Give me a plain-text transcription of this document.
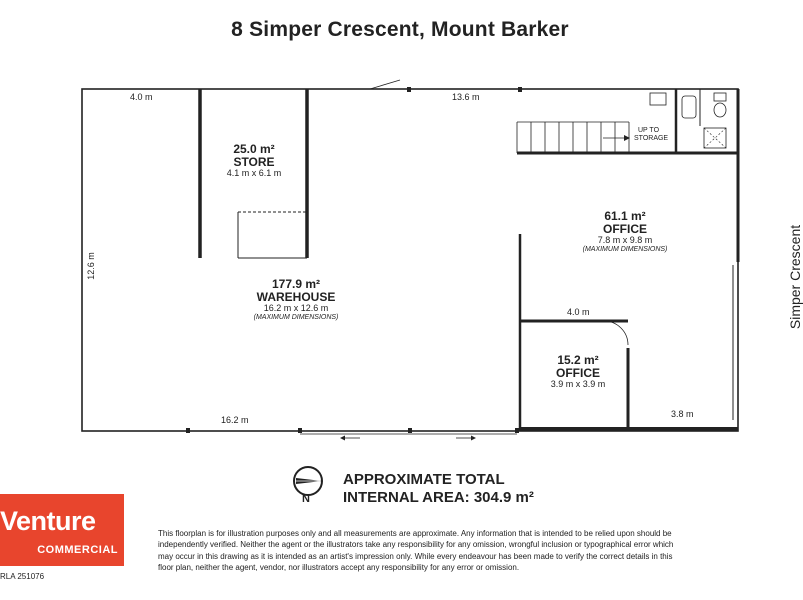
8 Simper Crescent, Mount Barker
Simper Crescent
25.0 m²
STORE
4.1 m x 6.1 m
177.9 m²
WAREHOUSE
16.2 m x 12.6 m
(MAXIMUM DIMENSIONS)
61.1 m²
OFFICE
7.8 m x 9.8 m
(MAXIMUM DIMENSIONS)
15.2 m²
OFFICE
3.9 m x 3.9 m
4.0 m	13.6 m
12.6 m
16.2 m
4.0 m
3.8 m
UP TO
STORAGE
N
APPROXIMATE TOTAL
INTERNAL AREA: 304.9 m²
Venture
COMMERCIAL
RLA 251076
This floorplan is for illustration purposes only and all measurements are approximate. Any information that is intended to be relied upon should be independently verified. Neither the agent or the illustrators take any responsibility for any omission, wrongful inclusion or typographical error which may occur in this drawing as it is intended as an artist's impression only. While every endeavour has been made to verify the correct details in this floor plan, neither the agent, vendor, nor illustrators accept any responsibility for any error or omission.
